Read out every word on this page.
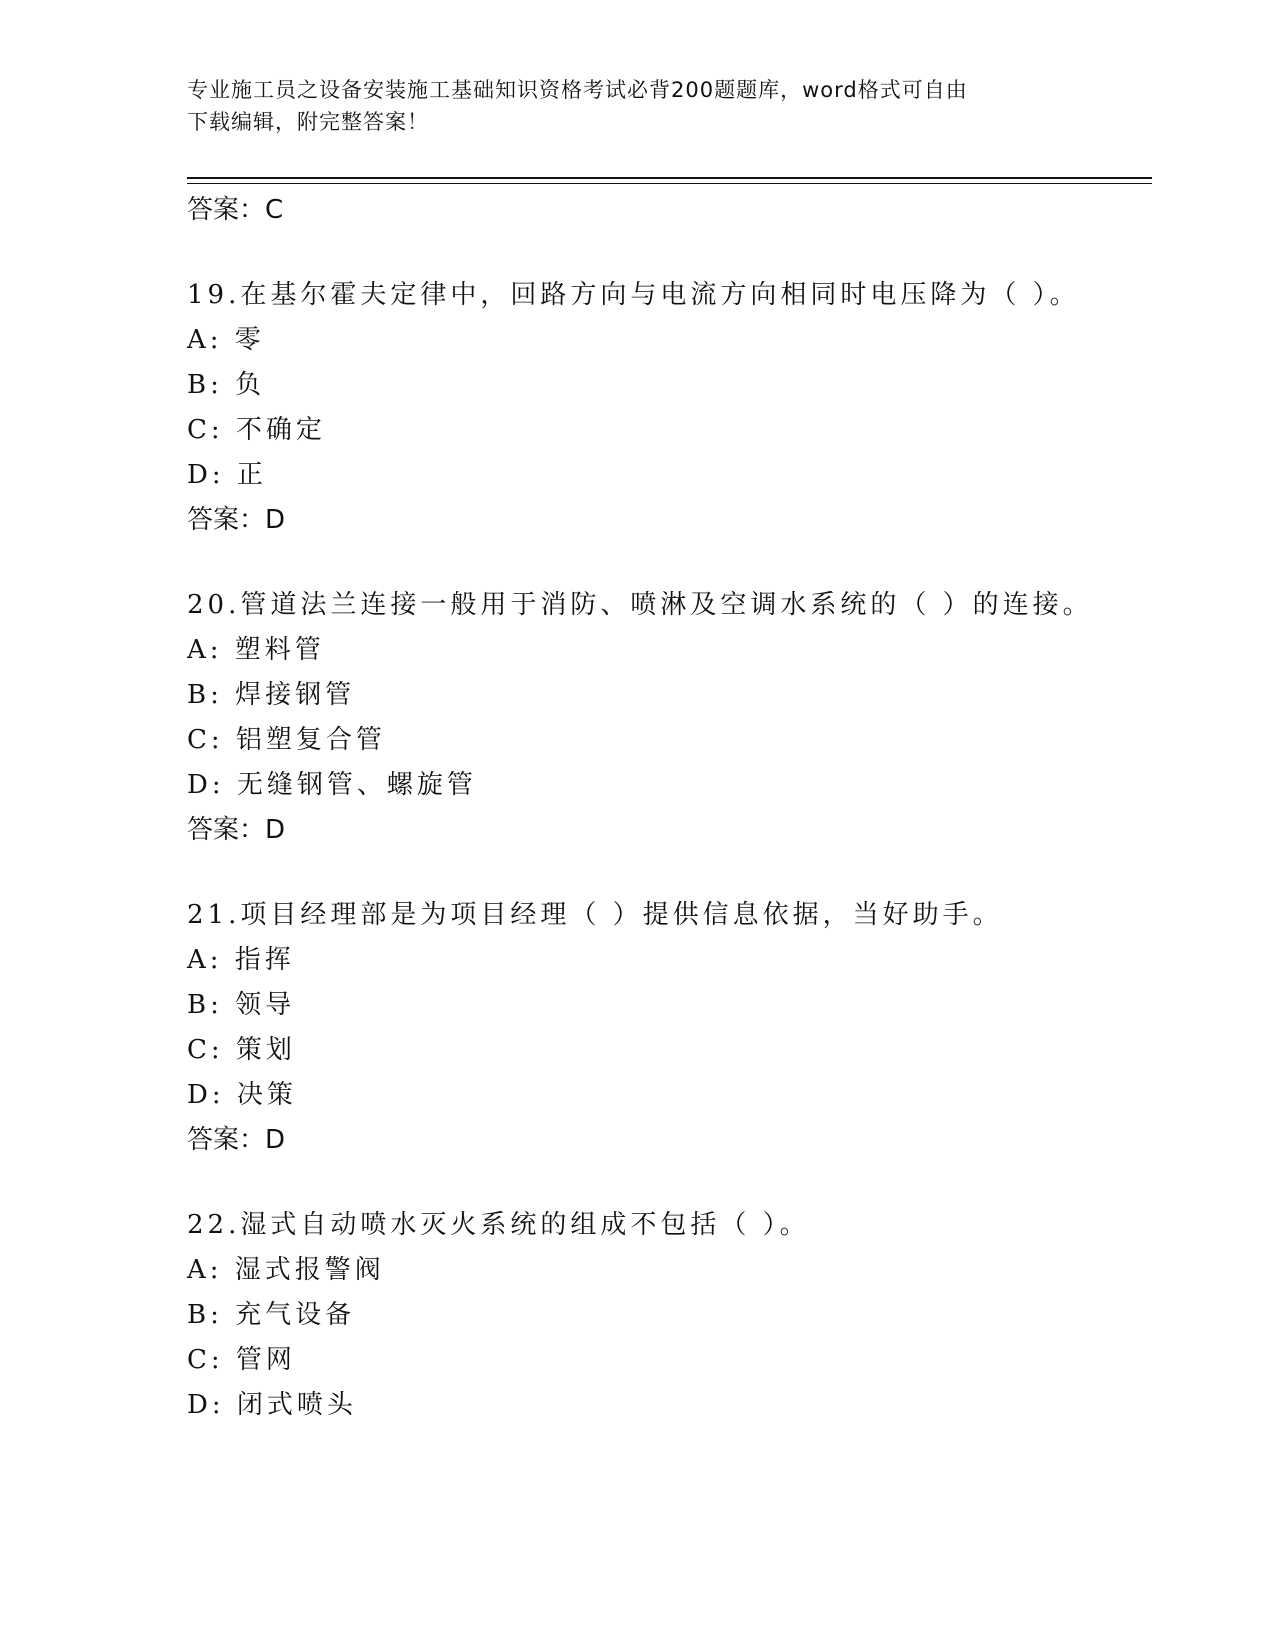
专业施工员之设备安装施工基础知识资格考试必背200题题库，word格式可自由
下载编辑，附完整答案！
答案：C
19.在基尔霍夫定律中，回路方向与电流方向相同时电压降为（ ）。
A: 零
B: 负
C: 不确定
D: 正
答案：D
20.管道法兰连接一般用于消防、喷淋及空调水系统的（ ）的连接。
A: 塑料管
B: 焊接钢管
C: 铝塑复合管
D: 无缝钢管、螺旋管
答案：D
21.项目经理部是为项目经理（ ）提供信息依据，当好助手。
A: 指挥
B: 领导
C: 策划
D: 决策
答案：D
22.湿式自动喷水灭火系统的组成不包括（ ）。
A: 湿式报警阀
B: 充气设备
C: 管网
D: 闭式喷头
